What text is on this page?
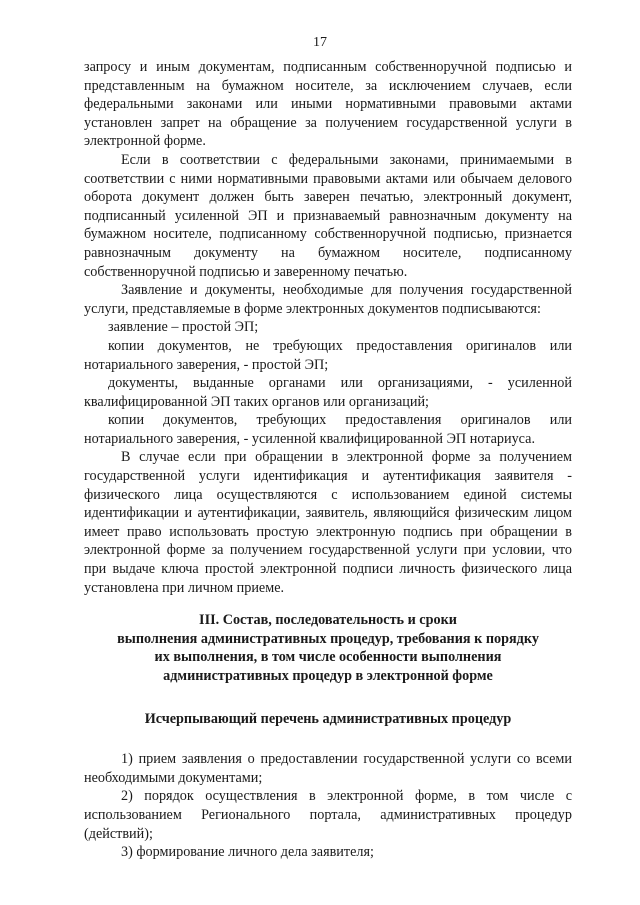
17

запросу и иным документам, подписанным собственноручной подписью и представленным на бумажном носителе, за исключением случаев, если федеральными законами или иными нормативными правовыми актами установлен запрет на обращение за получением государственной услуги в электронной форме.

Если в соответствии с федеральными законами, принимаемыми в соответствии с ними нормативными правовыми актами или обычаем делового оборота документ должен быть заверен печатью, электронный документ, подписанный усиленной ЭП и признаваемый равнозначным документу на бумажном носителе, подписанному собственноручной подписью, признается равнозначным документу на бумажном носителе, подписанному собственноручной подписью и заверенному печатью.

Заявление и документы, необходимые для получения государственной услуги, представляемые в форме электронных документов подписываются:

заявление – простой ЭП;

копии документов, не требующих предоставления оригиналов или нотариального заверения, - простой ЭП;

документы, выданные органами или организациями, - усиленной квалифицированной ЭП таких органов или организаций;

копии документов, требующих предоставления оригиналов или нотариального заверения, - усиленной квалифицированной ЭП нотариуса.

В случае если при обращении в электронной форме за получением государственной услуги идентификация и аутентификация заявителя - физического лица осуществляются с использованием единой системы идентификации и аутентификации, заявитель, являющийся физическим лицом имеет право использовать простую электронную подпись при обращении в электронной форме за получением государственной услуги при условии, что при выдаче ключа простой электронной подписи личность физического лица установлена при личном приеме.

III. Состав, последовательность и сроки
выполнения административных процедур, требования к порядку
их выполнения, в том числе особенности выполнения
административных процедур в электронной форме
Исчерпывающий перечень административных процедур

1) прием заявления о предоставлении государственной услуги со всеми необходимыми документами;

2) порядок осуществления в электронной форме, в том числе с использованием Регионального портала, административных процедур (действий);

3) формирование личного дела заявителя;
